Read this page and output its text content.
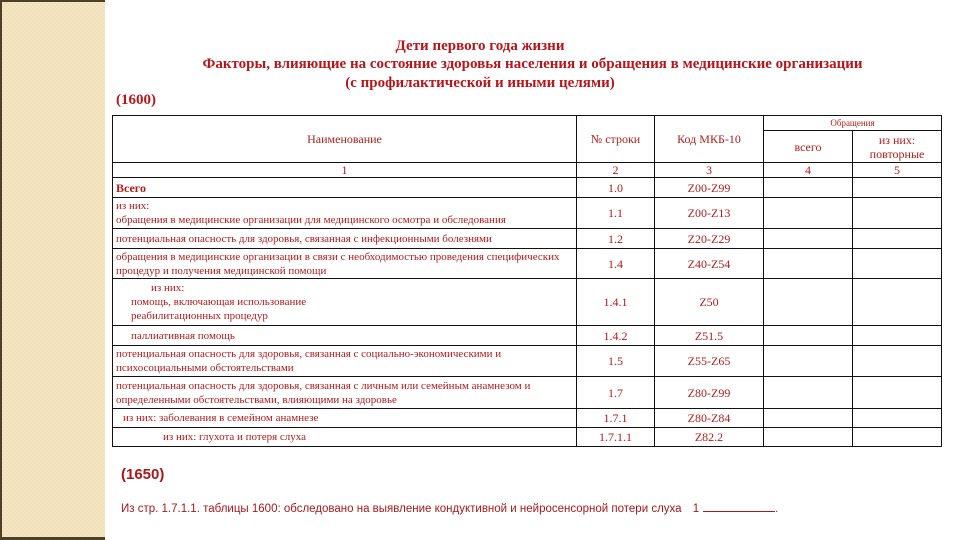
Дети первого года жизни
Факторы, влияющие на состояние здоровья населения и обращения в медицинские организации
(с профилактической и иными целями)
(1600)
Наименование	№ строки	Код МКБ-10	Обращения	
			всего	из них: повторные
1	2	3	4	5
Всего	1.0	Z00-Z99		

из них:
обращения в медицинские организации для медицинского осмотра и обследования	1.1	Z00-Z13		
потенциальная опасность для здоровья, связанная с инфекционными болезнями	1.2	Z20-Z29		
обращения в медицинские организации в связи с необходимостью проведения специфических процедур и получения медицинской помощи	1.4	Z40-Z54		

из них:
помощь, включающая использование реабилитационных процедур	1.4.1	Z50		
паллиативная помощь	1.4.2	Z51.5		
потенциальная опасность для здоровья, связанная с социально-экономическими и психосоциальными обстоятельствами	1.5	Z55-Z65		
потенциальная опасность для здоровья, связанная с личным или семейным анамнезом и определенными обстоятельствами, влияющими на здоровье	1.7	Z80-Z99		
из них: заболевания в семейном анамнезе	1.7.1	Z80-Z84		
из них: глухота и потеря слуха	1.7.1.1	Z82.2		
(1650)
Из стр. 1.7.1.1. таблицы 1600: обследовано на выявление кондуктивной и нейросенсорной потери слуха 1	.
